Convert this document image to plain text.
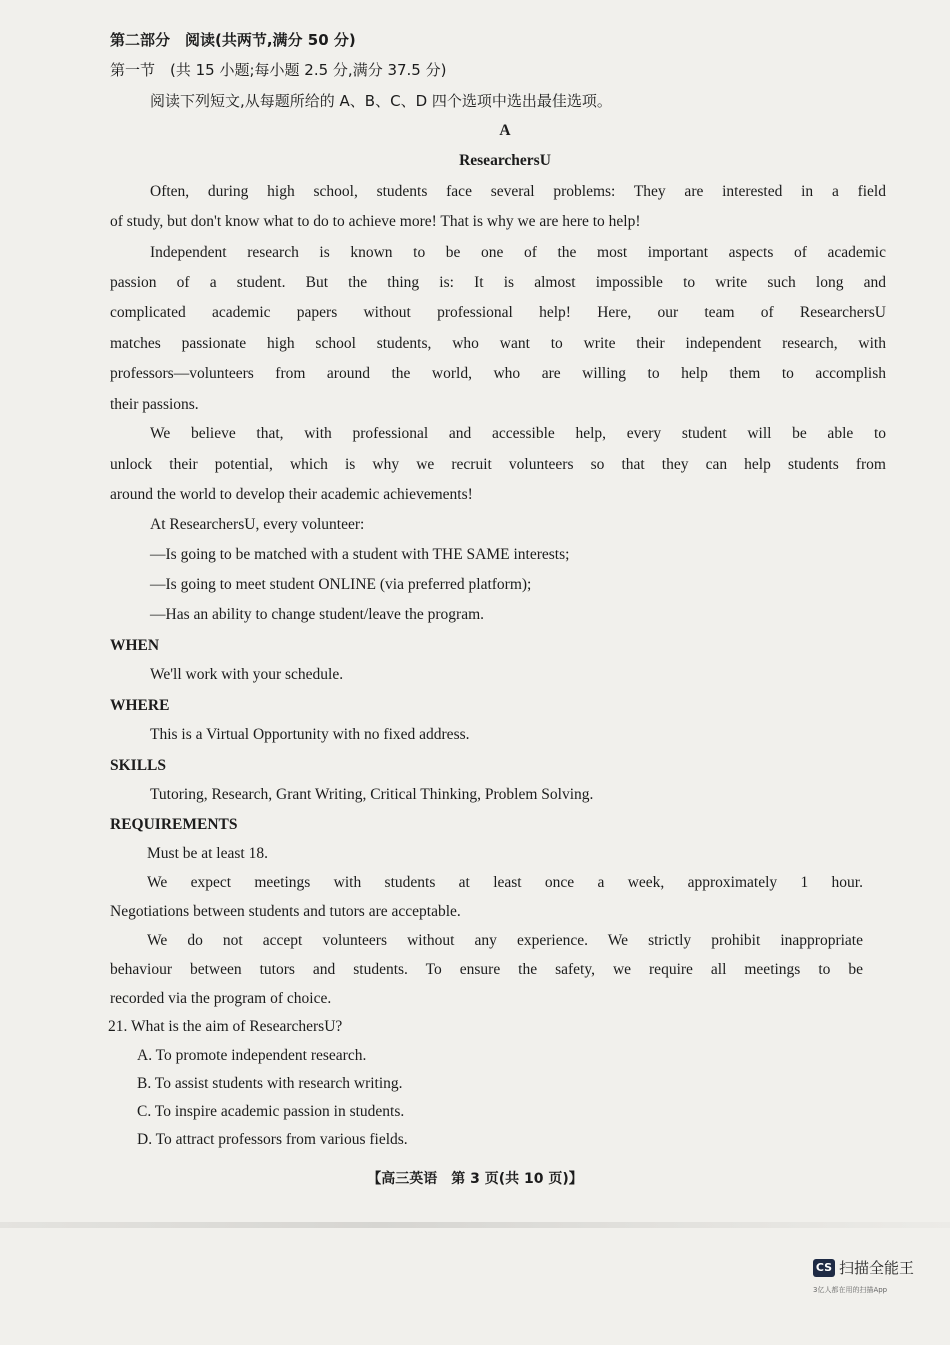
第二部分　阅读(共两节,满分 50 分)
第一节　(共 15 小题;每小题 2.5 分,满分 37.5 分)
阅读下列短文,从每题所给的 A、B、C、D 四个选项中选出最佳选项。
A
ResearchersU
Often, during high school, students face several problems: They are interested in a field
of study, but don't know what to do to achieve more! That is why we are here to help!
Independent research is known to be one of the most important aspects of academic
passion of a student. But the thing is: It is almost impossible to write such long and
complicated academic papers without professional help! Here, our team of ResearchersU
matches passionate high school students, who want to write their independent research, with
professors—volunteers from around the world, who are willing to help them to accomplish
their passions.
We believe that, with professional and accessible help, every student will be able to
unlock their potential, which is why we recruit volunteers so that they can help students from
around the world to develop their academic achievements!
At ResearchersU, every volunteer:
—Is going to be matched with a student with THE SAME interests;
—Is going to meet student ONLINE (via preferred platform);
—Has an ability to change student/leave the program.
WHEN
We'll work with your schedule.
WHERE
This is a Virtual Opportunity with no fixed address.
SKILLS
Tutoring, Research, Grant Writing, Critical Thinking, Problem Solving.
REQUIREMENTS
Must be at least 18.
We expect meetings with students at least once a week, approximately 1 hour.
Negotiations between students and tutors are acceptable.
We do not accept volunteers without any experience. We strictly prohibit inappropriate
behaviour between tutors and students. To ensure the safety, we require all meetings to be
recorded via the program of choice.
21. What is the aim of ResearchersU?
A. To promote independent research.
B. To assist students with research writing.
C. To inspire academic passion in students.
D. To attract professors from various fields.
【高三英语　第 3 页(共 10 页)】
CS 扫描全能王
3亿人都在用的扫描App
